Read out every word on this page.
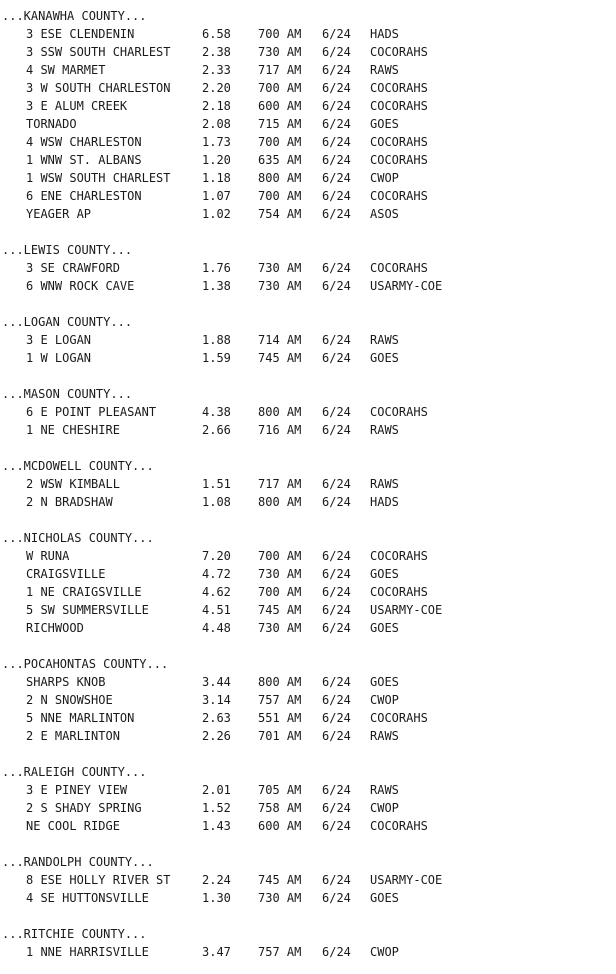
...KANAWHA COUNTY...
3 ESE CLENDENIN	6.58 700 AM 6/24 HADS
3 SSW SOUTH CHARLEST	2.38 730 AM 6/24 COCORAHS
4 SW MARMET	2.33 717 AM 6/24 RAWS
3 W SOUTH CHARLESTON	2.20 700 AM 6/24 COCORAHS
3 E ALUM CREEK	2.18 600 AM 6/24 COCORAHS
TORNADO	2.08 715 AM 6/24 GOES
4 WSW CHARLESTON	1.73 700 AM 6/24 COCORAHS
1 WNW ST. ALBANS	1.20 635 AM 6/24 COCORAHS
1 WSW SOUTH CHARLEST	1.18 800 AM 6/24 CWOP
6 ENE CHARLESTON	1.07 700 AM 6/24 COCORAHS
YEAGER AP	1.02 754 AM 6/24 ASOS
...LEWIS COUNTY...
3 SE CRAWFORD	1.76 730 AM 6/24 COCORAHS
6 WNW ROCK CAVE	1.38 730 AM 6/24 USARMY-COE
...LOGAN COUNTY...
3 E LOGAN	1.88 714 AM 6/24 RAWS
1 W LOGAN	1.59 745 AM 6/24 GOES
...MASON COUNTY...
6 E POINT PLEASANT	4.38 800 AM 6/24 COCORAHS
1 NE CHESHIRE	2.66 716 AM 6/24 RAWS
...MCDOWELL COUNTY...
2 WSW KIMBALL	1.51 717 AM 6/24 RAWS
2 N BRADSHAW	1.08 800 AM 6/24 HADS
...NICHOLAS COUNTY...
W RUNA	7.20 700 AM 6/24 COCORAHS
CRAIGSVILLE	4.72 730 AM 6/24 GOES
1 NE CRAIGSVILLE	4.62 700 AM 6/24 COCORAHS
5 SW SUMMERSVILLE	4.51 745 AM 6/24 USARMY-COE
RICHWOOD	4.48 730 AM 6/24 GOES
...POCAHONTAS COUNTY...
SHARPS KNOB	3.44 800 AM 6/24 GOES
2 N SNOWSHOE	3.14 757 AM 6/24 CWOP
5 NNE MARLINTON	2.63 551 AM 6/24 COCORAHS
2 E MARLINTON	2.26 701 AM 6/24 RAWS
...RALEIGH COUNTY...
3 E PINEY VIEW	2.01 705 AM 6/24 RAWS
2 S SHADY SPRING	1.52 758 AM 6/24 CWOP
NE COOL RIDGE	1.43 600 AM 6/24 COCORAHS
...RANDOLPH COUNTY...
8 ESE HOLLY RIVER ST	2.24 745 AM 6/24 USARMY-COE
4 SE HUTTONSVILLE	1.30 730 AM 6/24 GOES
...RITCHIE COUNTY...
1 NNE HARRISVILLE	3.47 757 AM 6/24 CWOP
